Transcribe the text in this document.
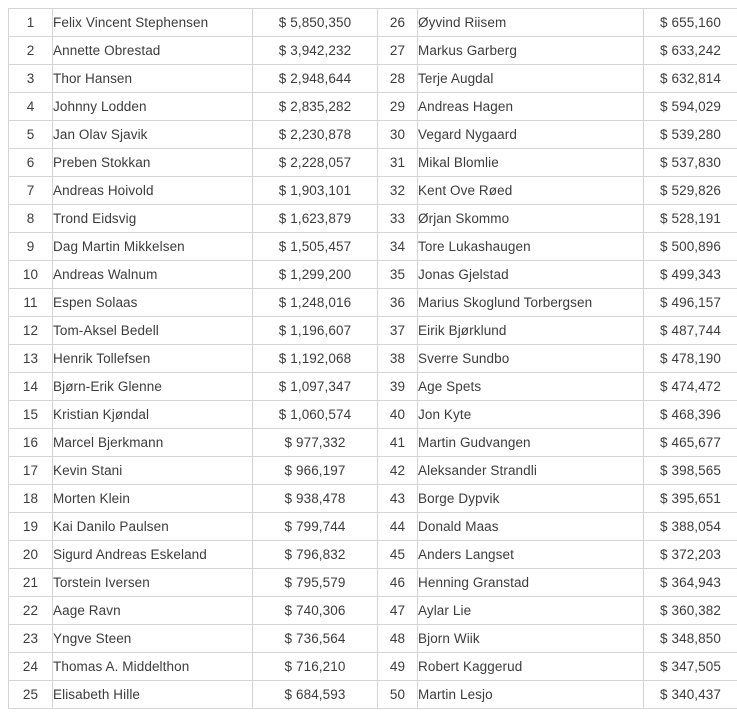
1	Felix Vincent Stephensen	$ 5,850,350	26	Øyvind Riisem	$ 655,160
2	Annette Obrestad	$ 3,942,232	27	Markus Garberg	$ 633,242
3	Thor Hansen	$ 2,948,644	28	Terje Augdal	$ 632,814
4	Johnny Lodden	$ 2,835,282	29	Andreas Hagen	$ 594,029
5	Jan Olav Sjavik	$ 2,230,878	30	Vegard Nygaard	$ 539,280
6	Preben Stokkan	$ 2,228,057	31	Mikal Blomlie	$ 537,830
7	Andreas Hoivold	$ 1,903,101	32	Kent Ove Røed	$ 529,826
8	Trond Eidsvig	$ 1,623,879	33	Ørjan Skommo	$ 528,191
9	Dag Martin Mikkelsen	$ 1,505,457	34	Tore Lukashaugen	$ 500,896
10	Andreas Walnum	$ 1,299,200	35	Jonas Gjelstad	$ 499,343
11	Espen Solaas	$ 1,248,016	36	Marius Skoglund Torbergsen	$ 496,157
12	Tom-Aksel Bedell	$ 1,196,607	37	Eirik Bjørklund	$ 487,744
13	Henrik Tollefsen	$ 1,192,068	38	Sverre Sundbo	$ 478,190
14	Bjørn-Erik Glenne	$ 1,097,347	39	Age Spets	$ 474,472
15	Kristian Kjøndal	$ 1,060,574	40	Jon Kyte	$ 468,396
16	Marcel Bjerkmann	$ 977,332	41	Martin Gudvangen	$ 465,677
17	Kevin Stani	$ 966,197	42	Aleksander Strandli	$ 398,565
18	Morten Klein	$ 938,478	43	Borge Dypvik	$ 395,651
19	Kai Danilo Paulsen	$ 799,744	44	Donald Maas	$ 388,054
20	Sigurd Andreas Eskeland	$ 796,832	45	Anders Langset	$ 372,203
21	Torstein Iversen	$ 795,579	46	Henning Granstad	$ 364,943
22	Aage Ravn	$ 740,306	47	Aylar Lie	$ 360,382
23	Yngve Steen	$ 736,564	48	Bjorn Wiik	$ 348,850
24	Thomas A. Middelthon	$ 716,210	49	Robert Kaggerud	$ 347,505
25	Elisabeth Hille	$ 684,593	50	Martin Lesjo	$ 340,437
